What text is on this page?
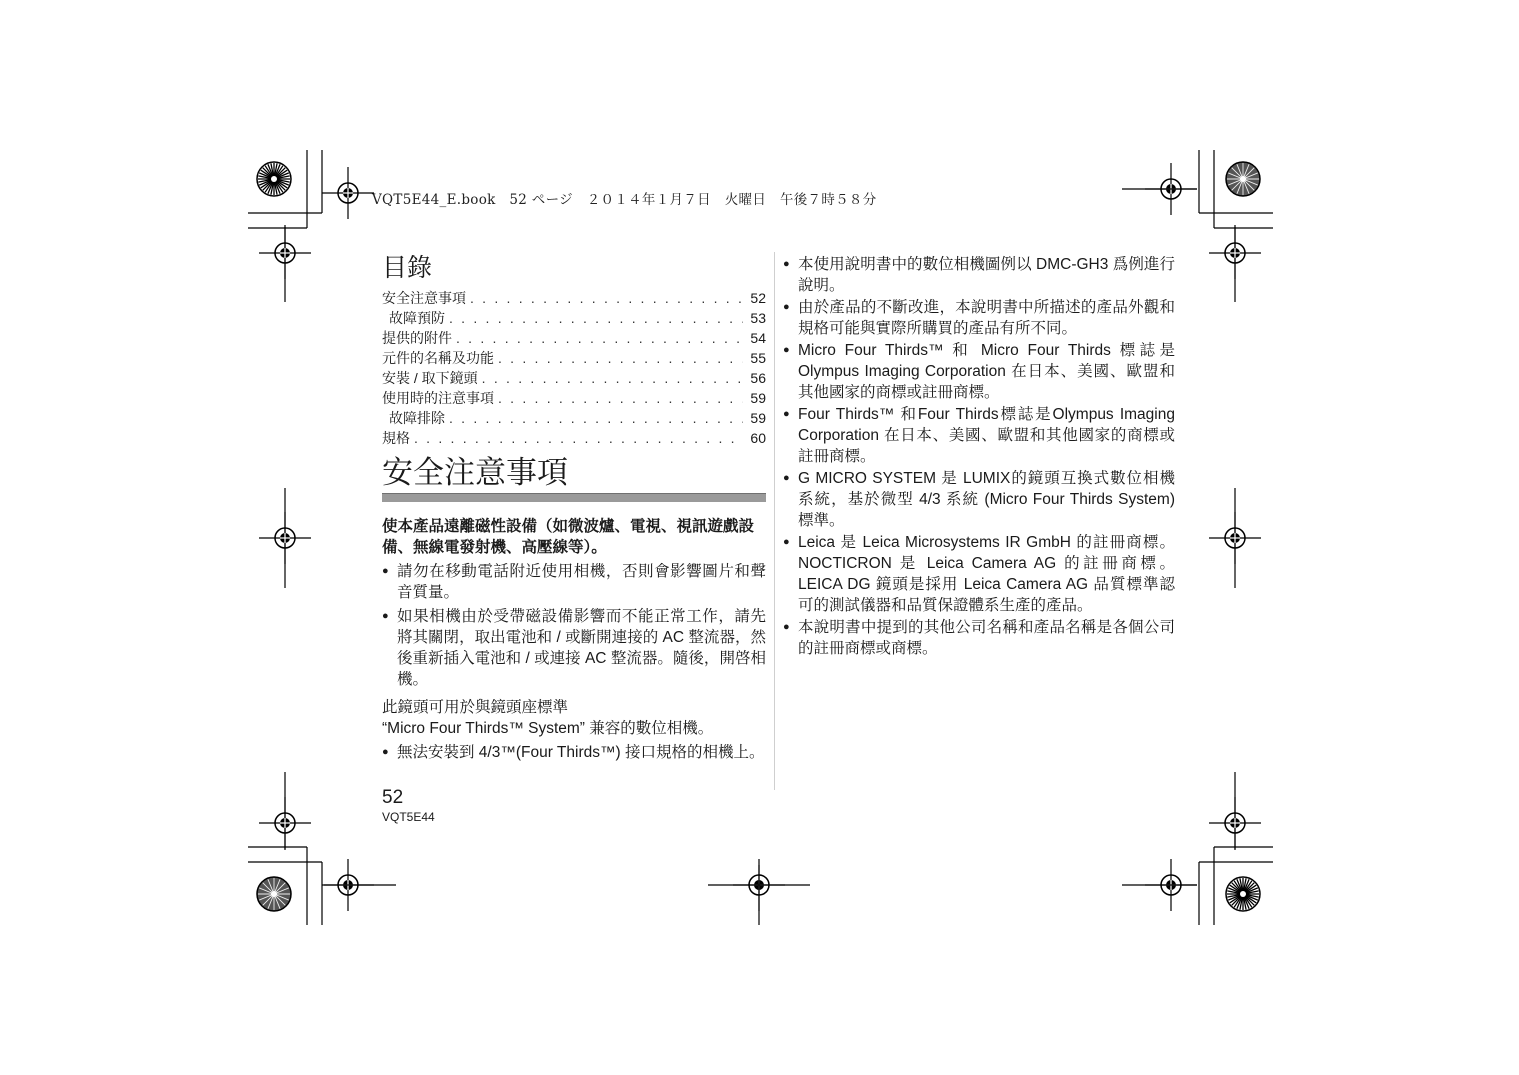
VQT5E44_E.book　52 ページ　２０１４年１月７日　火曜日　午後７時５８分
目錄
安全注意事項 . . .	52
故障預防 . . .	53
提供的附件 . . .	54
元件的名稱及功能 . . .	55
安裝 / 取下鏡頭 . . .	56
使用時的注意事項 . . .	59
故障排除 . . .	59
規格 . . .	60
安全注意事項
使本產品遠離磁性設備（如微波爐、電視、視訊遊戲設備、無線電發射機、高壓線等）。
● 請勿在移動電話附近使用相機，否則會影響圖片和聲音質量。
● 如果相機由於受帶磁設備影響而不能正常工作，請先將其關閉，取出電池和 / 或斷開連接的 AC 整流器，然後重新插入電池和 / 或連接 AC 整流器。隨後，開啓相機。
此鏡頭可用於與鏡頭座標準
“Micro Four Thirds™ System” 兼容的數位相機。
● 無法安裝到 4/3™(Four Thirds™) 接口規格的相機上。
● 本使用說明書中的數位相機圖例以 DMC-GH3 爲例進行說明。
● 由於產品的不斷改進，本說明書中所描述的產品外觀和規格可能與實際所購買的產品有所不同。
● Micro Four Thirds™ 和 Micro Four Thirds 標誌是 Olympus Imaging Corporation 在日本、美國、歐盟和其他國家的商標或註冊商標。
● Four Thirds™ 和Four Thirds標誌是Olympus Imaging Corporation 在日本、美國、歐盟和其他國家的商標或註冊商標。
● G MICRO SYSTEM 是 LUMIX的鏡頭互換式數位相機系統，基於微型 4/3 系統 (Micro Four Thirds System) 標準。
● Leica 是 Leica Microsystems IR GmbH 的註冊商標。NOCTICRON 是 Leica Camera AG 的註冊商標。LEICA DG 鏡頭是採用 Leica Camera AG 品質標準認可的測試儀器和品質保證體系生產的產品。
● 本說明書中提到的其他公司名稱和產品名稱是各個公司的註冊商標或商標。
52
VQT5E44
